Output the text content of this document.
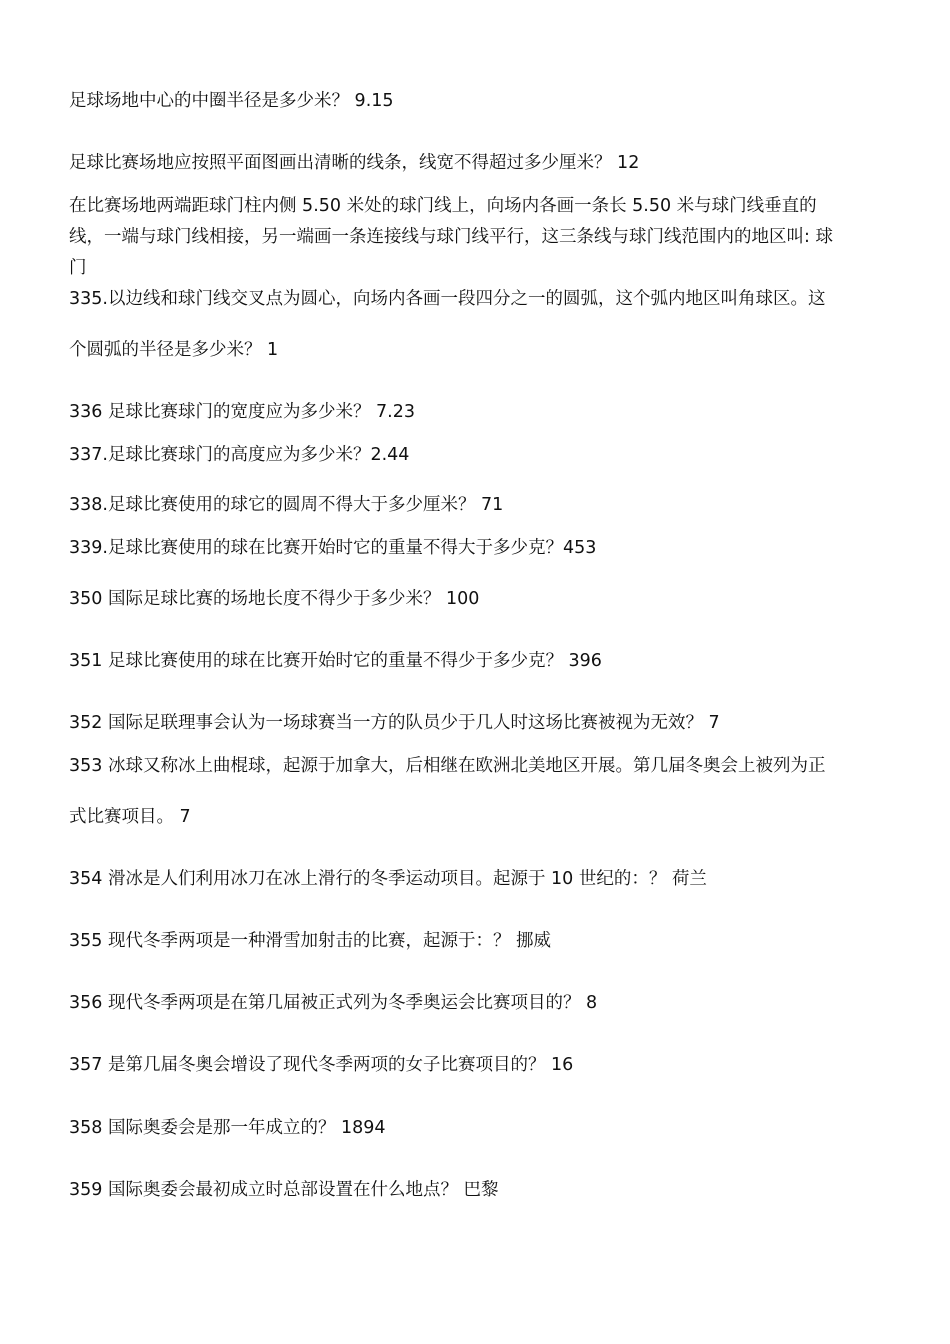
足球场地中心的中圈半径是多少米？ 9.15
足球比赛场地应按照平面图画出清晰的线条，线宽不得超过多少厘米？ 12
在比赛场地两端距球门柱内侧 5.50 米处的球门线上，向场内各画一条长 5.50 米与球门线垂直的
线，一端与球门线相接，另一端画一条连接线与球门线平行，这三条线与球门线范围内的地区叫: 球
门
335.以边线和球门线交叉点为圆心，向场内各画一段四分之一的圆弧，这个弧内地区叫角球区。这
个圆弧的半径是多少米？ 1
336 足球比赛球门的宽度应为多少米？ 7.23
337.足球比赛球门的高度应为多少米？2.44
338.足球比赛使用的球它的圆周不得大于多少厘米？ 71
339.足球比赛使用的球在比赛开始时它的重量不得大于多少克？453
350 国际足球比赛的场地长度不得少于多少米？ 100
351 足球比赛使用的球在比赛开始时它的重量不得少于多少克？ 396
352 国际足联理事会认为一场球赛当一方的队员少于几人时这场比赛被视为无效？ 7
353 冰球又称冰上曲棍球，起源于加拿大，后相继在欧洲北美地区开展。第几届冬奥会上被列为正
式比赛项目。 7
354 滑冰是人们利用冰刀在冰上滑行的冬季运动项目。起源于 10 世纪的：？ 荷兰
355 现代冬季两项是一种滑雪加射击的比赛，起源于：？ 挪威
356 现代冬季两项是在第几届被正式列为冬季奥运会比赛项目的？ 8
357 是第几届冬奥会增设了现代冬季两项的女子比赛项目的？ 16
358 国际奥委会是那一年成立的？ 1894
359 国际奥委会最初成立时总部设置在什么地点？ 巴黎
